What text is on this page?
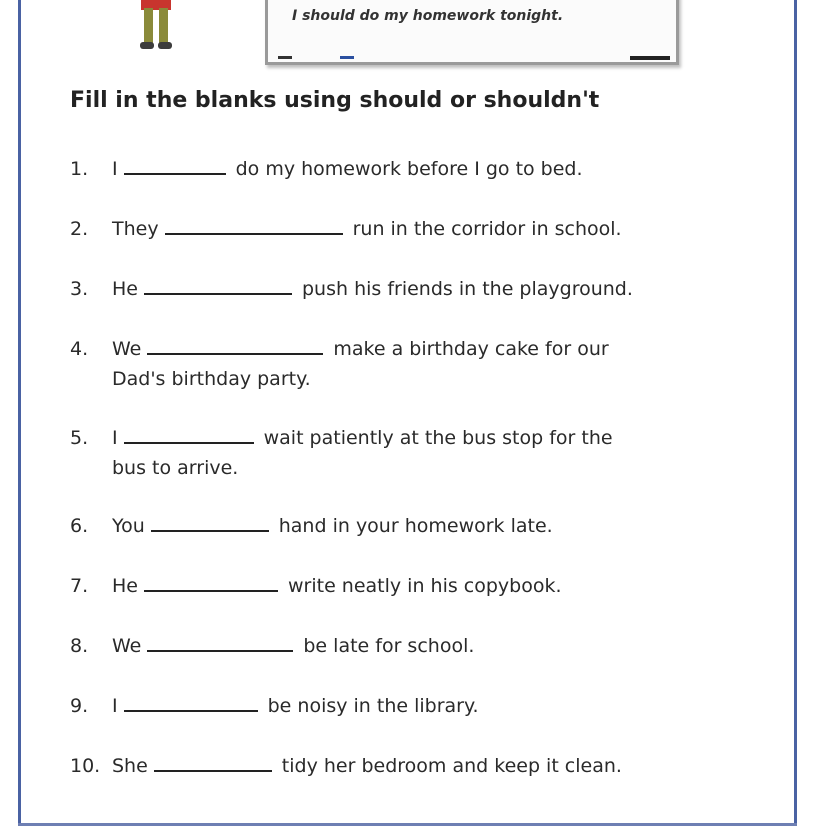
I should do my homework tonight.
Fill in the blanks using should or shouldn't
1. I	do my homework before I go to bed.
2. They	run in the corridor in school.
3. He	push his friends in the playground.
4. We	make a birthday cake for our
Dad's birthday party.
5. I	wait patiently at the bus stop for the
bus to arrive.
6. You	hand in your homework late.
7. He	write neatly in his copybook.
8. We	be late for school.
9. I	be noisy in the library.
10. She	tidy her bedroom and keep it clean.
